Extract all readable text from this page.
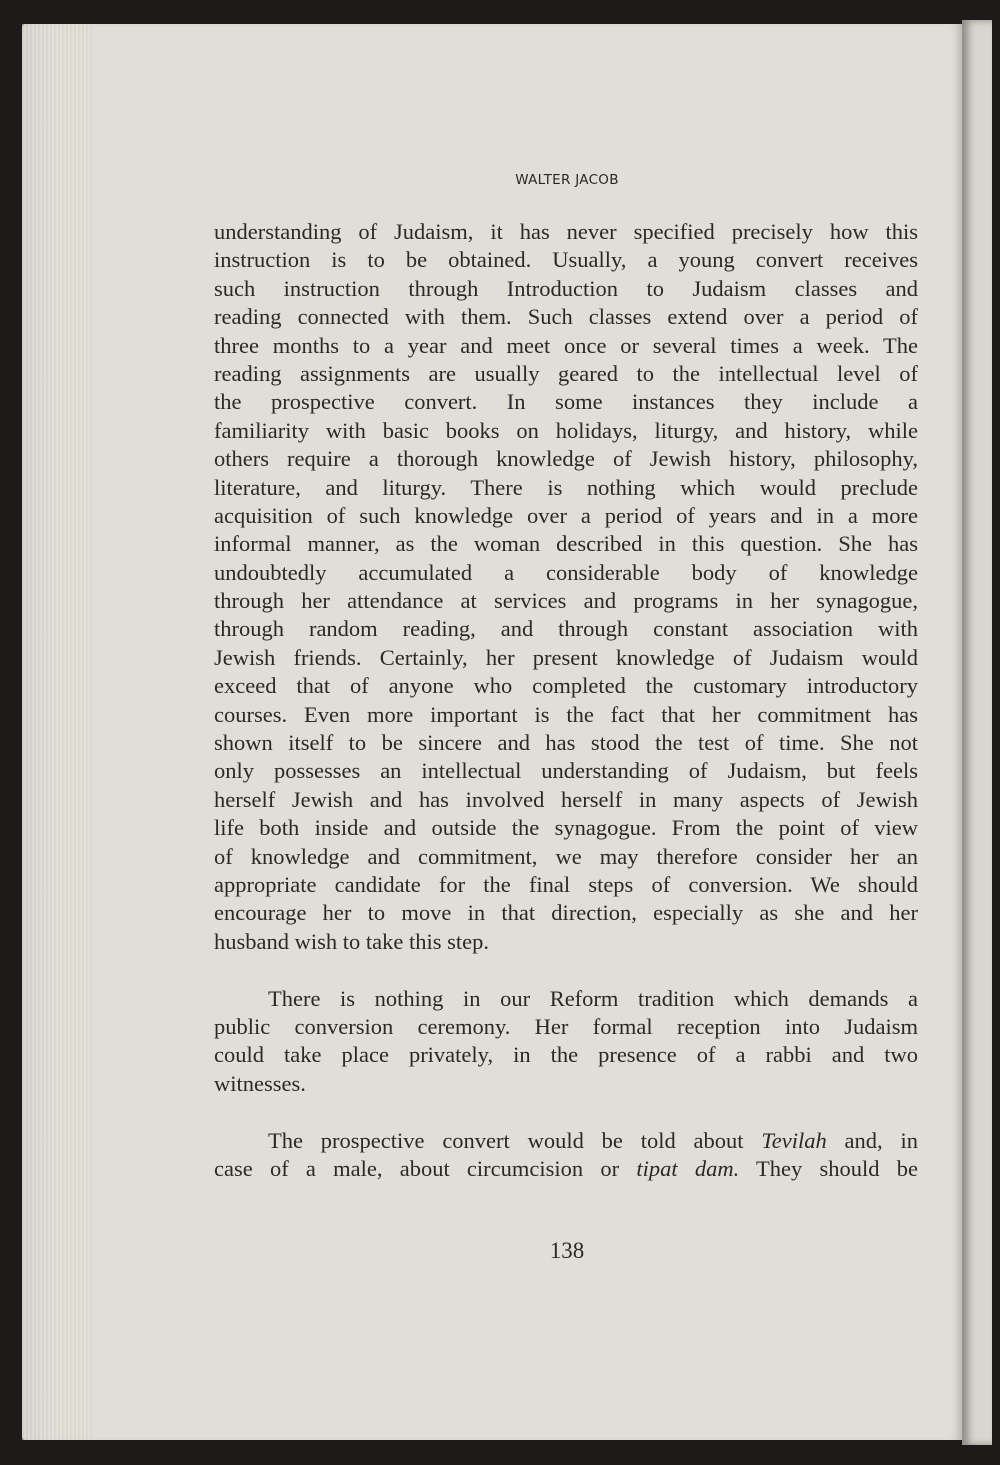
WALTER JACOB
understanding of Judaism, it has never specified precisely how this
instruction is to be obtained. Usually, a young convert receives
such instruction through Introduction to Judaism classes and
reading connected with them. Such classes extend over a period of
three months to a year and meet once or several times a week. The
reading assignments are usually geared to the intellectual level of
the prospective convert. In some instances they include a
familiarity with basic books on holidays, liturgy, and history, while
others require a thorough knowledge of Jewish history, philosophy,
literature, and liturgy. There is nothing which would preclude
acquisition of such knowledge over a period of years and in a more
informal manner, as the woman described in this question. She has
undoubtedly accumulated a considerable body of knowledge
through her attendance at services and programs in her synagogue,
through random reading, and through constant association with
Jewish friends. Certainly, her present knowledge of Judaism would
exceed that of anyone who completed the customary introductory
courses. Even more important is the fact that her commitment has
shown itself to be sincere and has stood the test of time. She not
only possesses an intellectual understanding of Judaism, but feels
herself Jewish and has involved herself in many aspects of Jewish
life both inside and outside the synagogue. From the point of view
of knowledge and commitment, we may therefore consider her an
appropriate candidate for the final steps of conversion. We should
encourage her to move in that direction, especially as she and her
husband wish to take this step.
There is nothing in our Reform tradition which demands a
public conversion ceremony. Her formal reception into Judaism
could take place privately, in the presence of a rabbi and two
witnesses.
The prospective convert would be told about Tevilah and, in
case of a male, about circumcision or tipat dam. They should be
138
